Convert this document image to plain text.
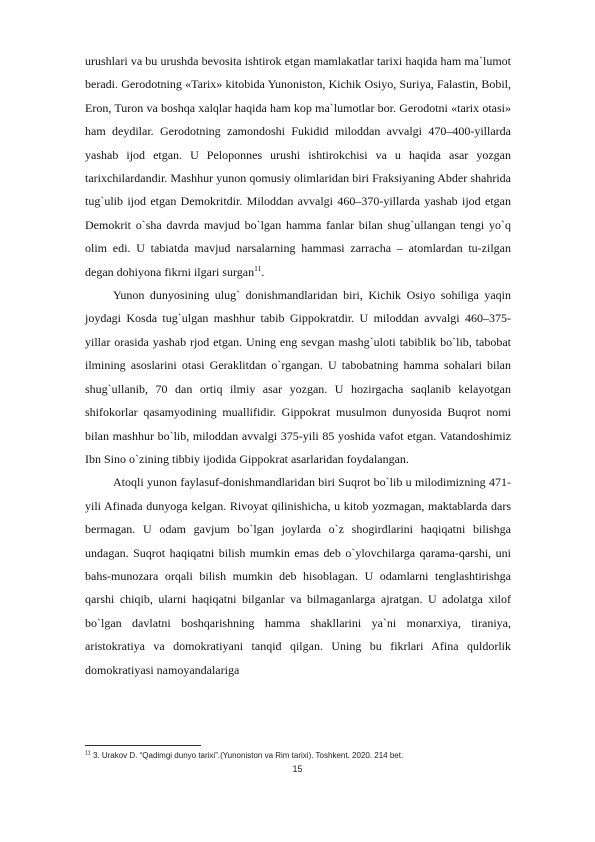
urushlari va bu urushda bevosita ishtirok etgan mamlakatlar tarixi haqida ham ma`lumot beradi. Gerodotning «Tarix» kitobida Yunoniston, Kichik Osiyo, Suriya, Falastin, Bobil, Eron, Turon va boshqa xalqlar haqida ham kop ma`lumotlar bor. Gerodotni «tarix otasi» ham deydilar. Gerodotning zamondoshi Fukidid miloddan avvalgi 470–400-yillarda yashab ijod etgan. U Peloponnes urushi ishtirokchisi va u haqida asar yozgan tarixchilardandir. Mashhur yunon qomusiy olimlaridan biri Fraksiyaning Abder shahrida tug`ulib ijod etgan Demokritdir. Miloddan avvalgi 460–370-yillarda yashab ijod etgan Demokrit o`sha davrda mavjud bo`lgan hamma fanlar bilan shug`ullangan tengi yo`q olim edi. U tabiatda mavjud narsalarning hammasi zarracha – atomlardan tu-zilgan degan dohiyona fikrni ilgari surgan$^{11}$.

Yunon dunyosining ulug` donishmandlaridan biri, Kichik Osiyo sohiliga yaqin joydagi Kosda tug`ulgan mashhur tabib Gippokratdir. U miloddan avvalgi 460–375-yillar orasida yashab rjod etgan. Uning eng sevgan mashg`uloti tabiblik bo`lib, tabobat ilmining asoslarini otasi Geraklitdan o`rgangan. U tabobatning hamma sohalari bilan shug`ullanib, 70 dan ortiq ilmiy asar yozgan. U hozirgacha saqlanib kelayotgan shifokorlar qasamyodining muallifidir. Gippokrat musulmon dunyosida Buqrot nomi bilan mashhur bo`lib, miloddan avvalgi 375-yili 85 yoshida vafot etgan. Vatandoshimiz Ibn Sino o`zining tibbiy ijodida Gippokrat asarlaridan foydalangan.

Atoqli yunon faylasuf-donishmandlaridan biri Suqrot bo`lib u milodimizning 471-yili Afinada dunyoga kelgan. Rivoyat qilinishicha, u kitob yozmagan, maktablarda dars bermagan. U odam gavjum bo`lgan joylarda o`z shogirdlarini haqiqatni bilishga undagan. Suqrot haqiqatni bilish mumkin emas deb o`ylovchilarga qarama-qarshi, uni bahs-munozara orqali bilish mumkin deb hisoblagan. U odamlarni tenglashtirishga qarshi chiqib, ularni haqiqatni bilganlar va bilmaganlarga ajratgan. U adolatga xilof bo`lgan davlatni boshqarishning hamma shakllarini ya`ni monarxiya, tiraniya, aristokratiya va domokratiyani tanqid qilgan. Uning bu fikrlari Afina quldorlik domokratiyasi namoyandalariga

$^{11}$ 3. Urakov D. “Qadimgi dunyo tarixi”.(Yunoniston va Rim tarixi). Toshkent. 2020. 214 bet.
15
